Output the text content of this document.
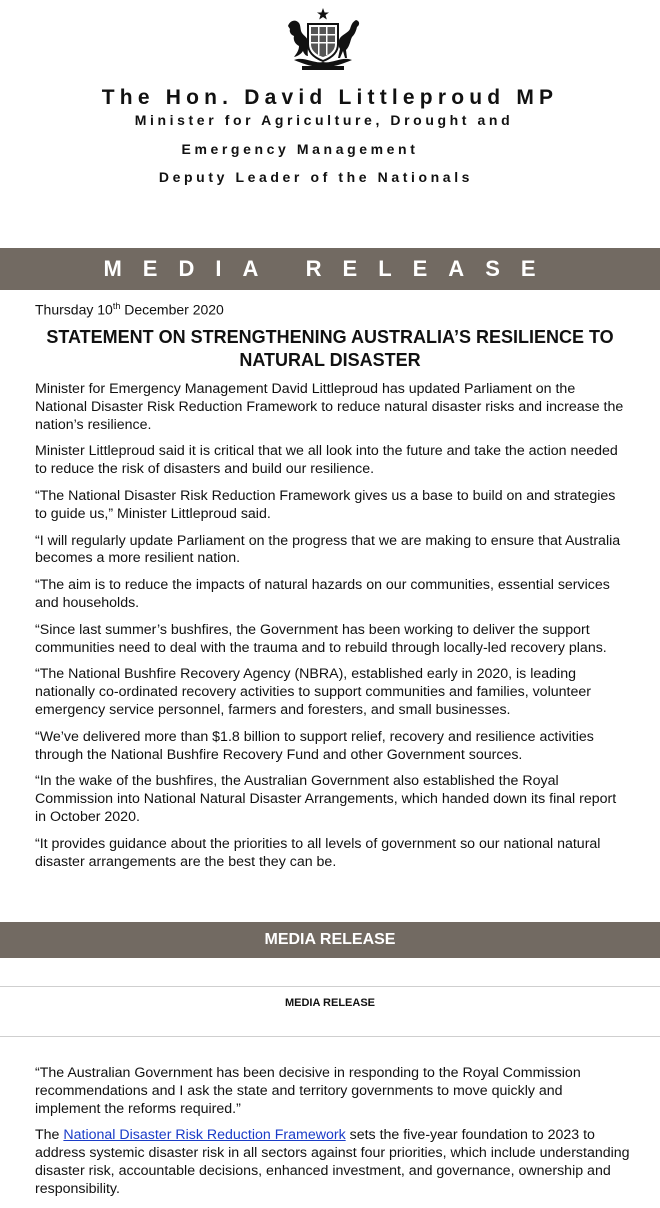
The Hon. David Littleproud MP
Minister for Agriculture, Drought and
Emergency Management
Deputy Leader of the Nationals
MEDIA RELEASE
Thursday 10th December 2020
STATEMENT ON STRENGTHENING AUSTRALIA’S RESILIENCE TO NATURAL DISASTER

Minister for Emergency Management David Littleproud has updated Parliament on the National Disaster Risk Reduction Framework to reduce natural disaster risks and increase the nation’s resilience.

Minister Littleproud said it is critical that we all look into the future and take the action needed to reduce the risk of disasters and build our resilience.

“The National Disaster Risk Reduction Framework gives us a base to build on and strategies to guide us,” Minister Littleproud said.

“I will regularly update Parliament on the progress that we are making to ensure that Australia becomes a more resilient nation.

“The aim is to reduce the impacts of natural hazards on our communities, essential services and households.

“Since last summer’s bushfires, the Government has been working to deliver the support communities need to deal with the trauma and to rebuild through locally-led recovery plans.

“The National Bushfire Recovery Agency (NBRA), established early in 2020, is leading nationally co-ordinated recovery activities to support communities and families, volunteer emergency service personnel, farmers and foresters, and small businesses.

“We’ve delivered more than $1.8 billion to support relief, recovery and resilience activities through the National Bushfire Recovery Fund and other Government sources.

“In the wake of the bushfires, the Australian Government also established the Royal Commission into National Natural Disaster Arrangements, which handed down its final report in October 2020.

“It provides guidance about the priorities to all levels of government so our national natural disaster arrangements are the best they can be.

MEDIA RELEASE
MEDIA RELEASE

“The Australian Government has been decisive in responding to the Royal Commission recommendations and I ask the state and territory governments to move quickly and implement the reforms required.”

The National Disaster Risk Reduction Framework sets the five-year foundation to 2023 to address systemic disaster risk in all sectors against four priorities, which include understanding disaster risk, accountable decisions, enhanced investment, and governance, ownership and responsibility.
